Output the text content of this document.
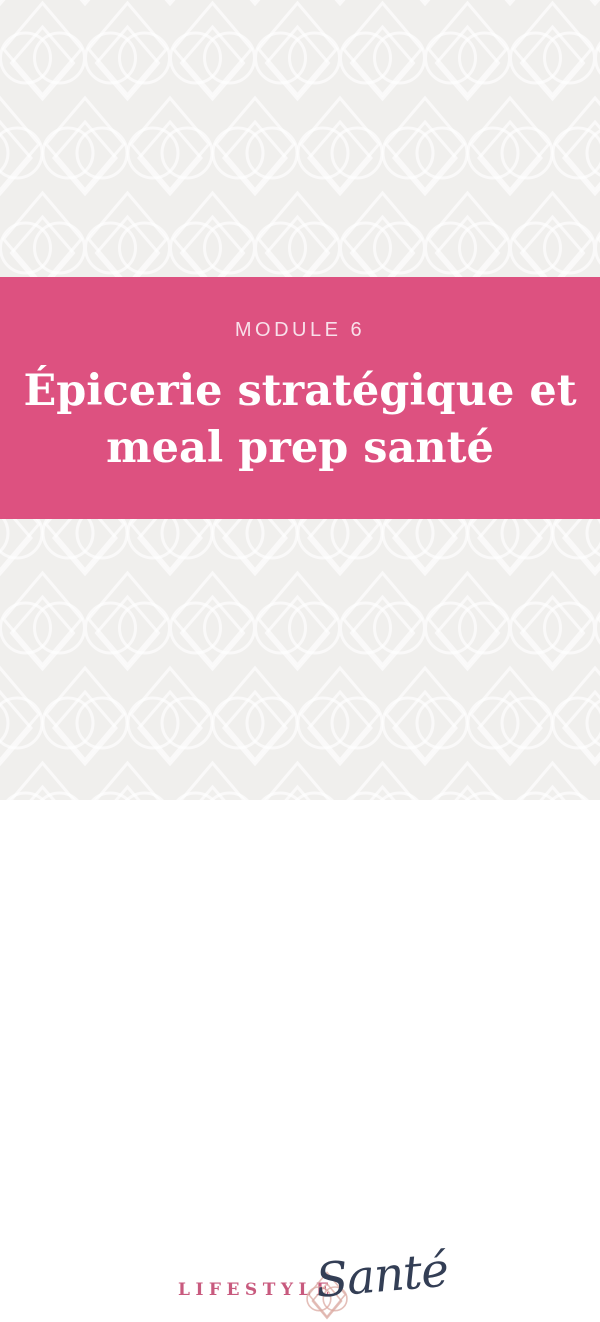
MODULE 6
Épicerie stratégique et
meal prep santé
LIFESTYLE
Santé
